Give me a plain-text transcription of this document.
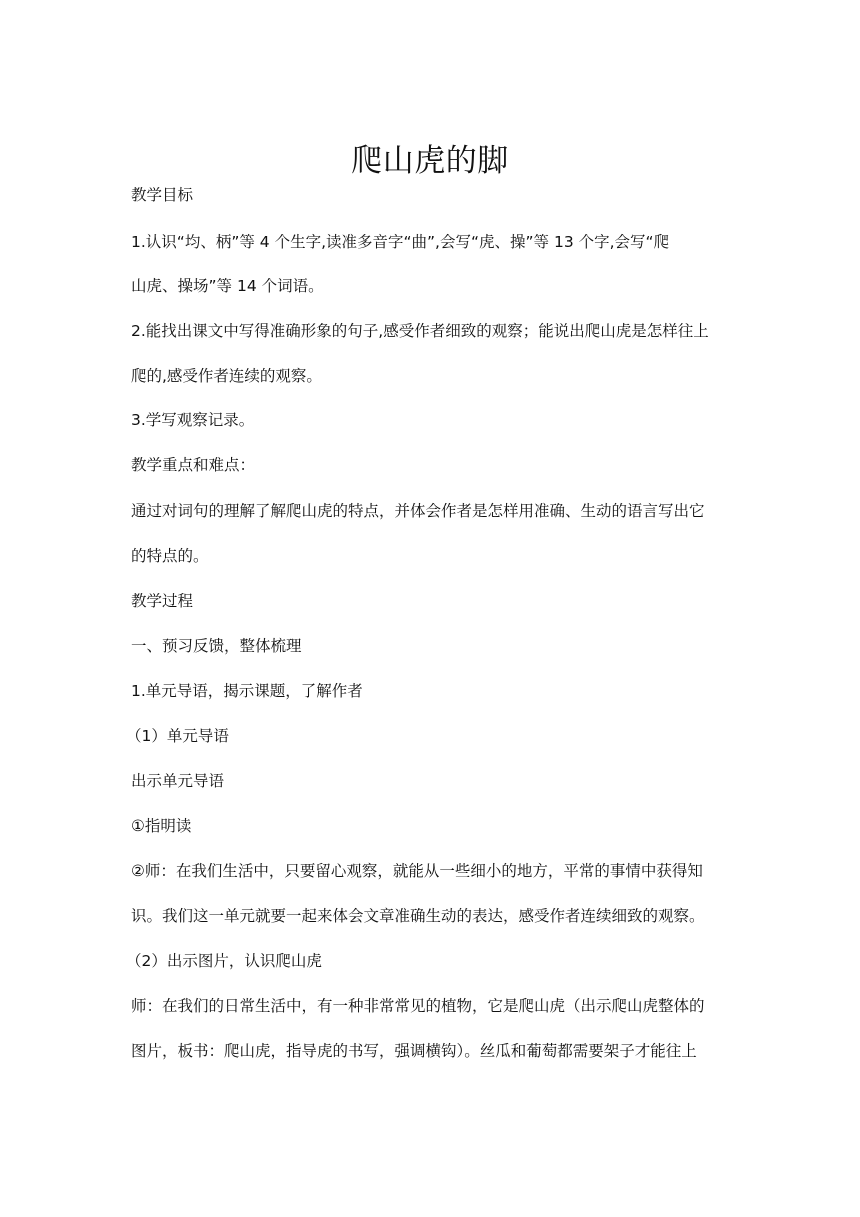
爬山虎的脚

教学目标

1.认识“均、柄”等 4 个生字,读准多音字“曲”,会写“虎、操”等 13 个字,会写“爬

山虎、操场”等 14 个词语。

2.能找出课文中写得准确形象的句子,感受作者细致的观察；能说出爬山虎是怎样往上

爬的,感受作者连续的观察。

3.学写观察记录。

教学重点和难点：

通过对词句的理解了解爬山虎的特点，并体会作者是怎样用准确、生动的语言写出它

的特点的。

教学过程

一、预习反馈，整体梳理

1.单元导语，揭示课题，了解作者

（1）单元导语

出示单元导语

①指明读

②师：在我们生活中，只要留心观察，就能从一些细小的地方，平常的事情中获得知

识。我们这一单元就要一起来体会文章准确生动的表达，感受作者连续细致的观察。

（2）出示图片，认识爬山虎

师：在我们的日常生活中，有一种非常常见的植物，它是爬山虎（出示爬山虎整体的

图片，板书：爬山虎，指导虎的书写，强调横钩）。丝瓜和葡萄都需要架子才能往上
